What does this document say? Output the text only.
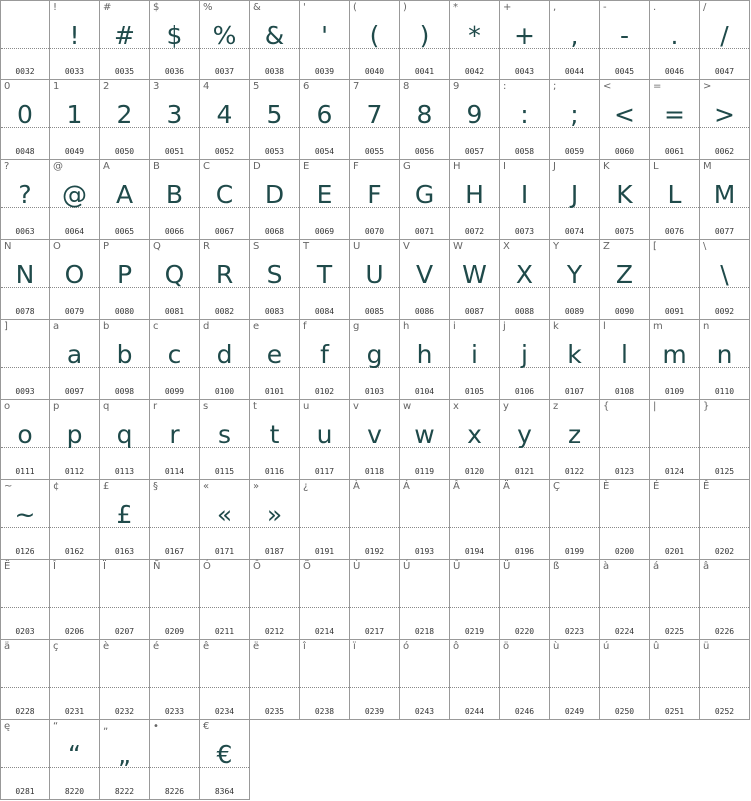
0032
!
!
0033
#
#
0035
$
$
0036
%
%
0037
&
&
0038
'
'
0039
(
(
0040
)
)
0041
*
*
0042
+
+
0043
,
,
0044
-
-
0045
.
.
0046
/
/
0047
0
0
0048
1
1
0049
2
2
0050
3
3
0051
4
4
0052
5
5
0053
6
6
0054
7
7
0055
8
8
0056
9
9
0057
:
:
0058
;
;
0059
<
<
0060
=
=
0061
>
>
0062
?
?
0063
@
@
0064
A
A
0065
B
B
0066
C
C
0067
D
D
0068
E
E
0069
F
F
0070
G
G
0071
H
H
0072
I
I
0073
J
J
0074
K
K
0075
L
L
0076
M
M
0077
N
N
0078
O
O
0079
P
P
0080
Q
Q
0081
R
R
0082
S
S
0083
T
T
0084
U
U
0085
V
V
0086
W
W
0087
X
X
0088
Y
Y
0089
Z
Z
0090
[
0091
\
\
0092
]
0093
a
a
0097
b
b
0098
c
c
0099
d
d
0100
e
e
0101
f
f
0102
g
g
0103
h
h
0104
i
i
0105
j
j
0106
k
k
0107
l
l
0108
m
m
0109
n
n
0110
o
o
0111
p
p
0112
q
q
0113
r
r
0114
s
s
0115
t
t
0116
u
u
0117
v
v
0118
w
w
0119
x
x
0120
y
y
0121
z
z
0122
{
0123
|
0124
}
0125
~
~
0126
¢
0162
£
£
0163
§
0167
«
«
0171
»
»
0187
¿
0191
À
0192
Á
0193
Â
0194
Ä
0196
Ç
0199
È
0200
É
0201
Ê
0202
Ë
0203
Î
0206
Ï
0207
Ñ
0209
Ó
0211
Ô
0212
Ö
0214
Ù
0217
Ú
0218
Û
0219
Ü
0220
ß
0223
à
0224
á
0225
â
0226
ä
0228
ç
0231
è
0232
é
0233
ê
0234
ë
0235
î
0238
ï
0239
ó
0243
ô
0244
ö
0246
ù
0249
ú
0250
û
0251
ü
0252
ę
0281
“
“
8220
„
„
8222
•
8226
€
€
8364
